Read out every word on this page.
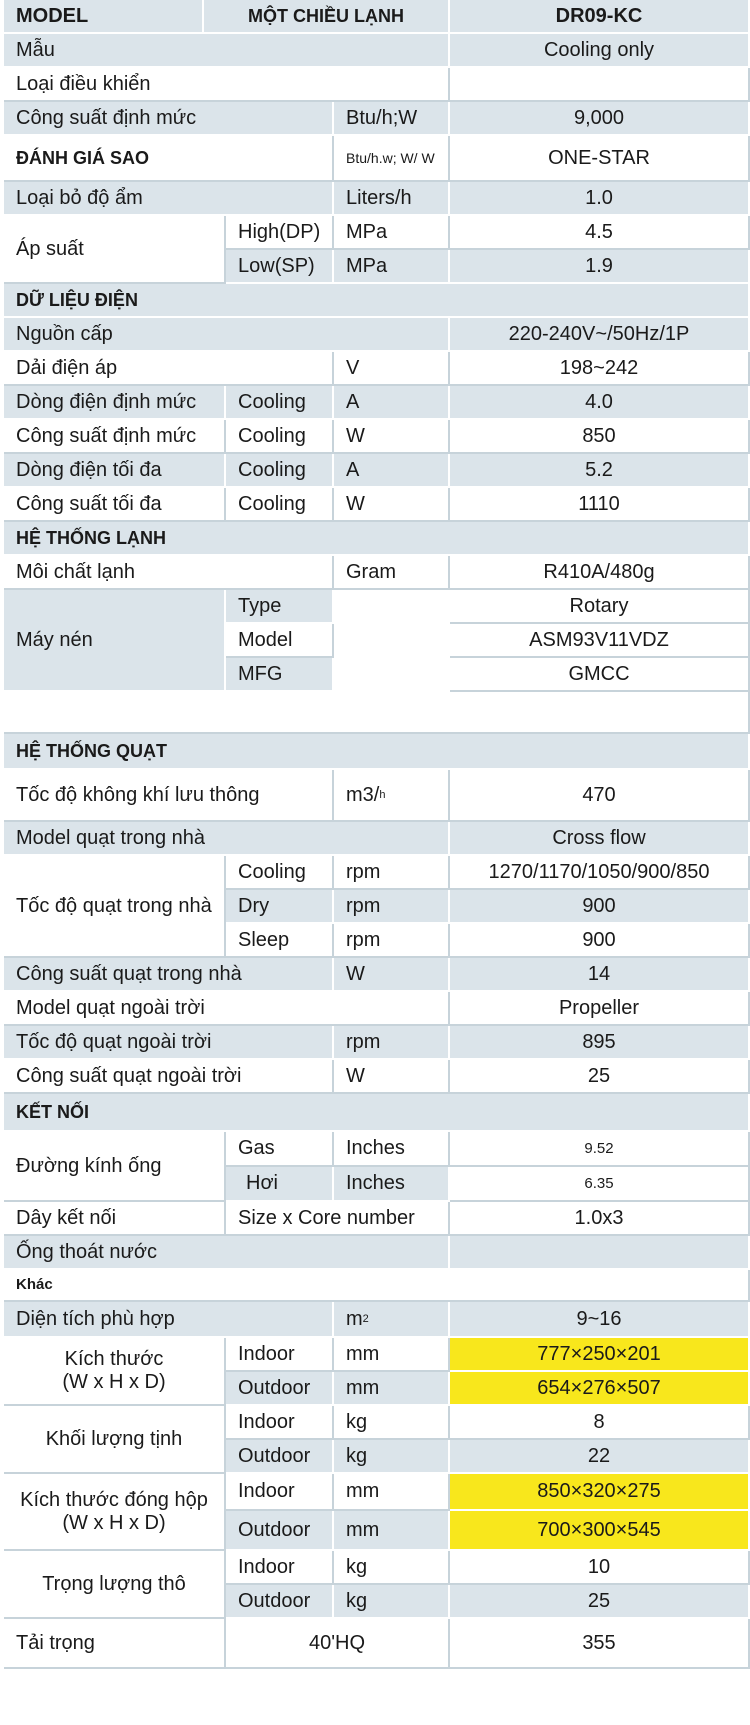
MODEL	MỘT CHIỀU LẠNH	DR09-KC
Mẫu	Cooling only
Loại điều khiển
Công suất định mức	Btu/h;W	9,000
ĐÁNH GIÁ SAO	Btu/h.w; W/ W	ONE-STAR
Loại bỏ độ ẩm	Liters/h	1.0
Áp suất
High(DP)	MPa	4.5
Low(SP)	MPa	1.9
DỮ LIỆU ĐIỆN
Nguồn cấp	220-240V~/50Hz/1P
Dải điện áp	V	198~242
Dòng điện định mức	Cooling	A	4.0
Công suất định mức	Cooling	W	850
Dòng điện tối đa	Cooling	A	5.2
Công suất tối đa	Cooling	W	1110
HỆ THỐNG LẠNH
Môi chất lạnh	Gram	R410A/480g
Máy nén
Type	Rotary
Model	ASM93V11VDZ
MFG	GMCC
HỆ THỐNG QUẠT
Tốc độ không khí lưu thông	m3/ h	470
Model quạt trong nhà	Cross flow
Tốc độ quạt trong nhà
Cooling	rpm	1270/1170/1050/900/850
Dry	rpm	900
Sleep	rpm	900
Công suất quạt trong nhà	W	14
Model quạt ngoài trời	Propeller
Tốc độ quạt ngoài trời	rpm	895
Công suất quạt ngoài trời	W	25
KẾT NỐI
Đường kính ống
Gas	Inches	9.52
Hơi	Inches	6.35
Dây kết nối	Size x Core number	1.0x3
Ống thoát nước
Khác
Diện tích phù hợp	m 2	9~16
Kích thước
(W x H x D)
Indoor	mm	777×250×201
Outdoor	mm	654×276×507
Khối lượng tịnh
Indoor	kg	8
Outdoor	kg	22
Kích thước đóng hộp
(W x H x D)
Indoor	mm	850×320×275
Outdoor	mm	700×300×545
Trọng lượng thô
Indoor	kg	10
Outdoor	kg	25
Tải trọng	40'HQ	355
